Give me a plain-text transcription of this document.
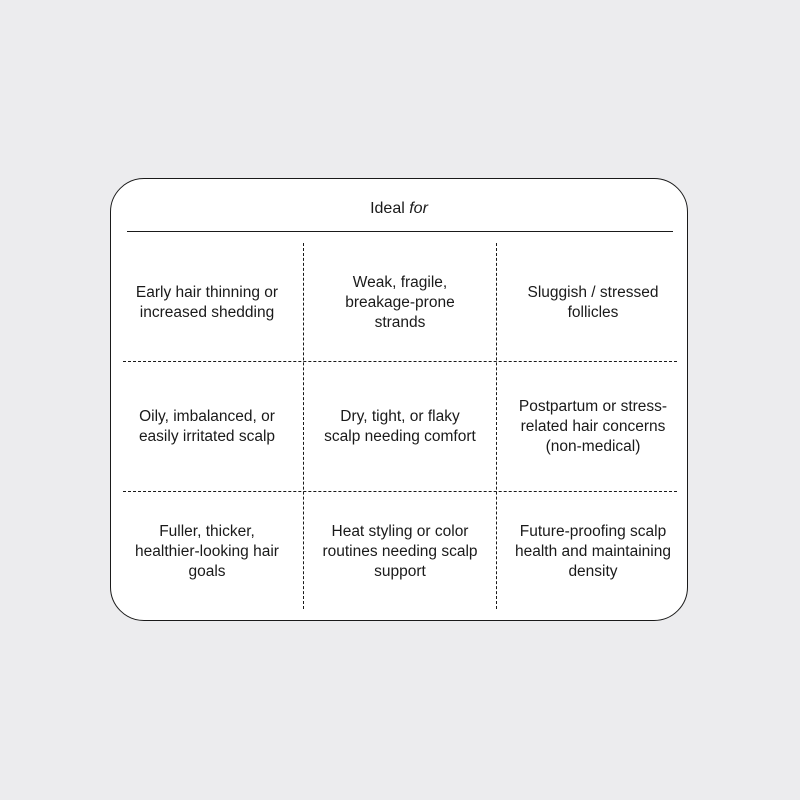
Ideal for
Early hair thinning or increased shedding
Weak, fragile, breakage-prone strands
Sluggish / stressed follicles
Oily, imbalanced, or easily irritated scalp
Dry, tight, or flaky scalp needing comfort
Postpartum or stress-related hair concerns (non-medical)
Fuller, thicker, healthier-looking hair goals
Heat styling or color routines needing scalp support
Future-proofing scalp health and maintaining density
